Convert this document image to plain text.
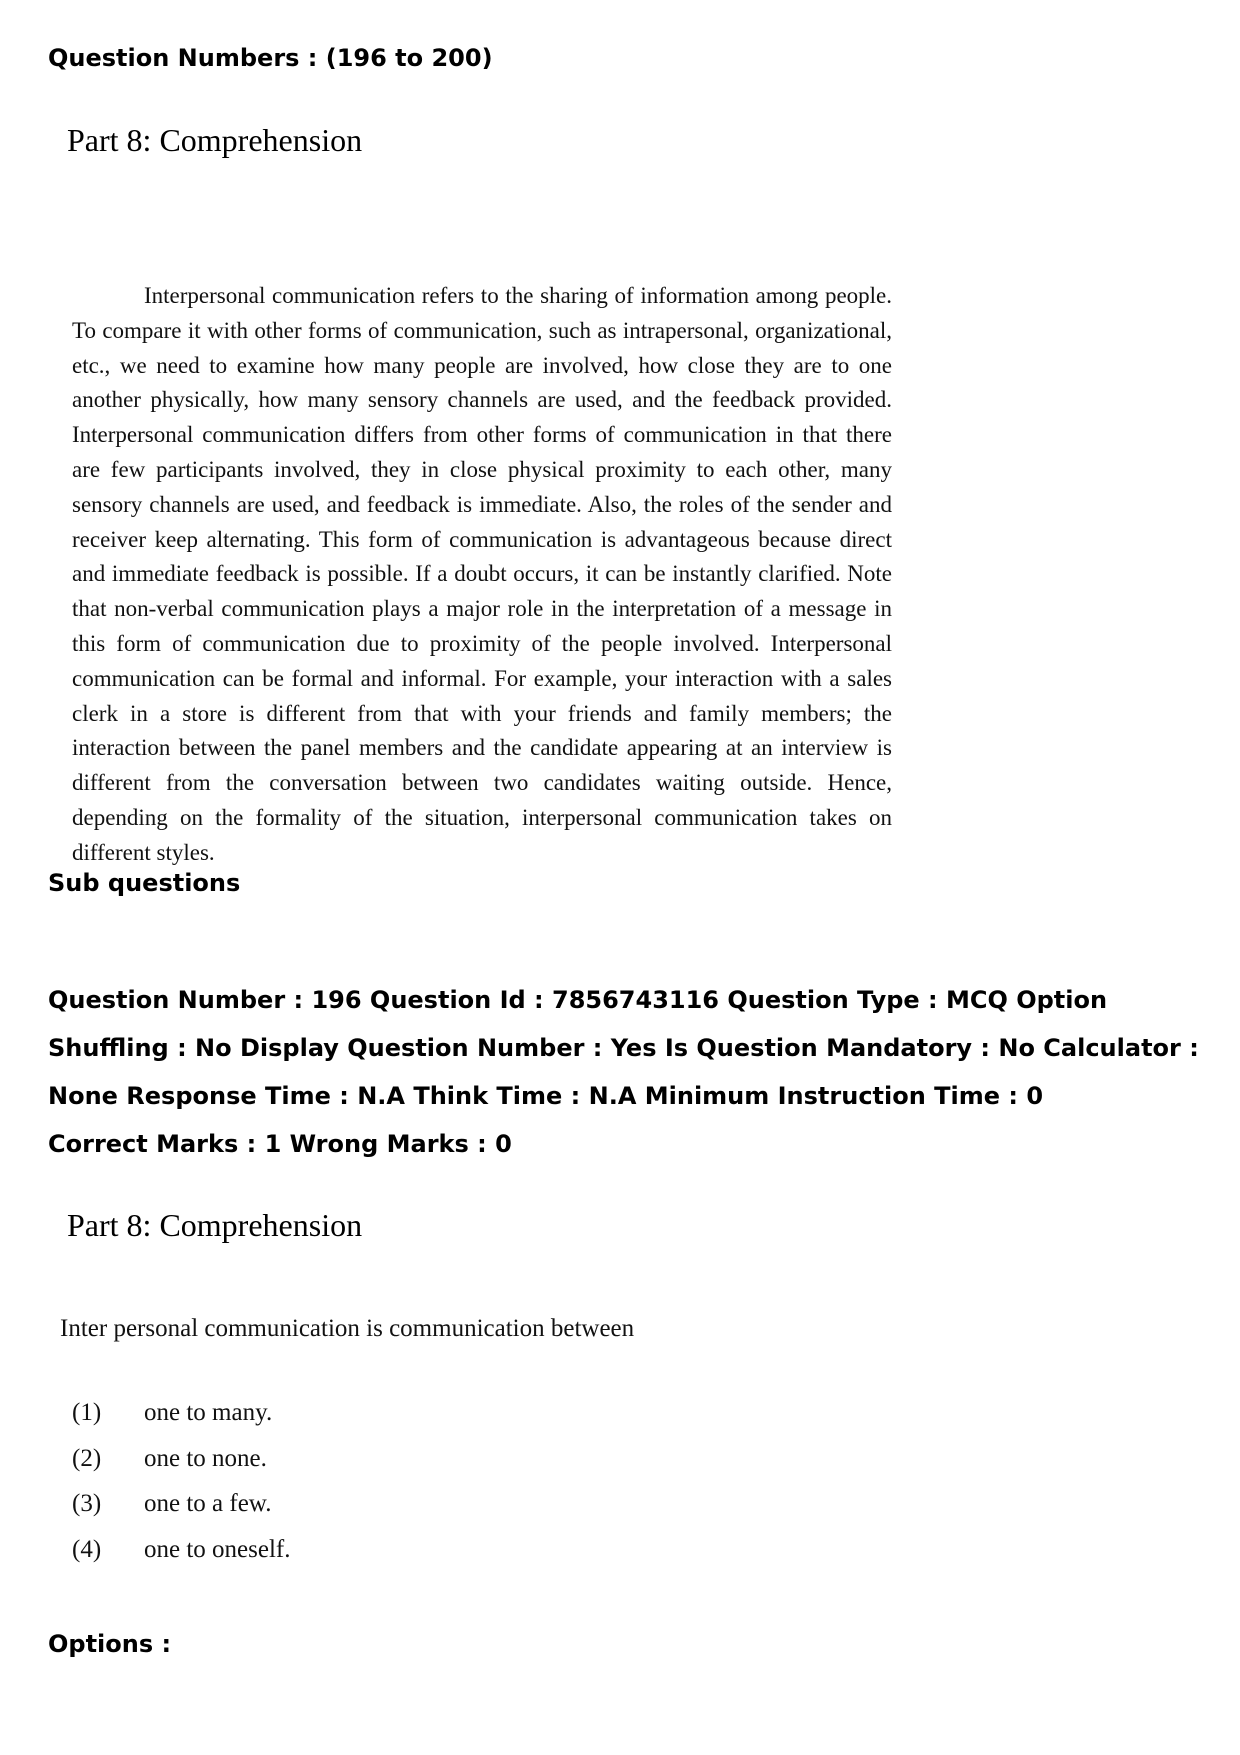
Question Numbers : (196 to 200)

Part 8: Comprehension

Interpersonal communication refers to the sharing of information among people. To compare it with other forms of communication, such as intrapersonal, organizational, etc., we need to examine how many people are involved, how close they are to one another physically, how many sensory channels are used, and the feedback provided. Interpersonal communication differs from other forms of communication in that there are few participants involved, they in close physical proximity to each other, many sensory channels are used, and feedback is immediate. Also, the roles of the sender and receiver keep alternating. This form of communication is advantageous because direct and immediate feedback is possible. If a doubt occurs, it can be instantly clarified. Note that non-verbal communication plays a major role in the interpretation of a message in this form of communication due to proximity of the people involved. Interpersonal communication can be formal and informal. For example, your interaction with a sales clerk in a store is different from that with your friends and family members; the interaction between the panel members and the candidate appearing at an interview is different from the conversation between two candidates waiting outside. Hence, depending on the formality of the situation, interpersonal communication takes on different styles.

Sub questions

Question Number : 196 Question Id : 7856743116 Question Type : MCQ Option Shuffling : No Display Question Number : Yes Is Question Mandatory : No Calculator : None Response Time : N.A Think Time : N.A Minimum Instruction Time : 0

Correct Marks : 1 Wrong Marks : 0

Part 8: Comprehension

Inter personal communication is communication between

(1)	one to many.
(2)	one to none.
(3)	one to a few.
(4)	one to oneself.

Options :
